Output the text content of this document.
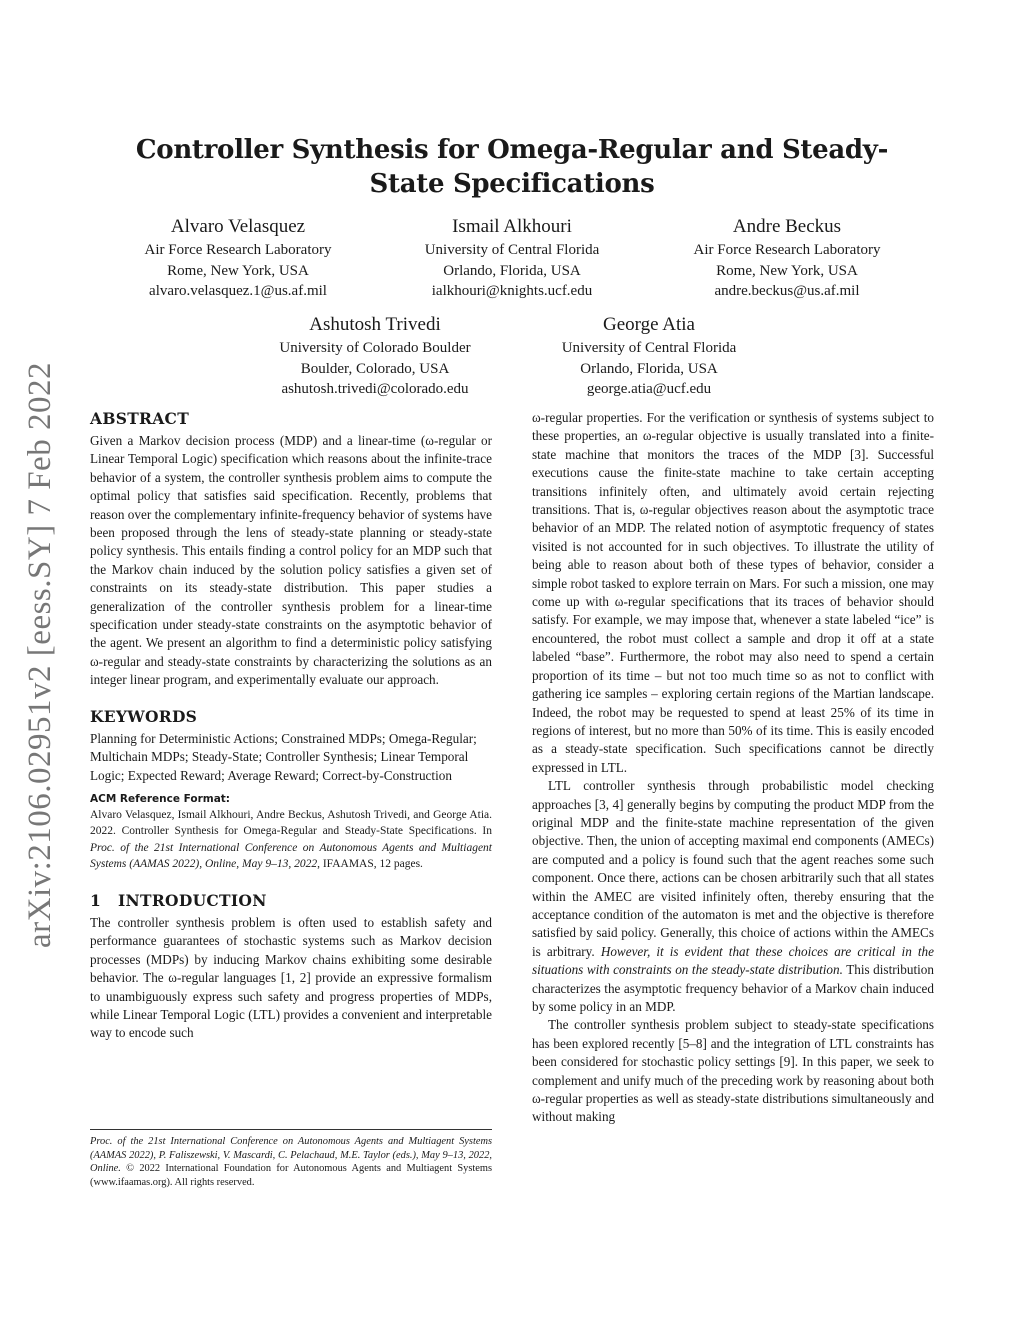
arXiv:2106.02951v2 [eess.SY] 7 Feb 2022
Controller Synthesis for Omega-Regular and Steady-State Specifications
Alvaro Velasquez
Air Force Research Laboratory
Rome, New York, USA
alvaro.velasquez.1@us.af.mil
Ismail Alkhouri
University of Central Florida
Orlando, Florida, USA
ialkhouri@knights.ucf.edu
Andre Beckus
Air Force Research Laboratory
Rome, New York, USA
andre.beckus@us.af.mil
Ashutosh Trivedi
University of Colorado Boulder
Boulder, Colorado, USA
ashutosh.trivedi@colorado.edu
George Atia
University of Central Florida
Orlando, Florida, USA
george.atia@ucf.edu
ABSTRACT

Given a Markov decision process (MDP) and a linear-time (ω-regular or Linear Temporal Logic) specification which reasons about the infinite-trace behavior of a system, the controller synthesis problem aims to compute the optimal policy that satisfies said specification. Recently, problems that reason over the complementary infinite-frequency behavior of systems have been proposed through the lens of steady-state planning or steady-state policy synthesis. This entails finding a control policy for an MDP such that the Markov chain induced by the solution policy satisfies a given set of constraints on its steady-state distribution. This paper studies a generalization of the controller synthesis problem for a linear-time specification under steady-state constraints on the asymptotic behavior of the agent. We present an algorithm to find a deterministic policy satisfying ω-regular and steady-state constraints by characterizing the solutions as an integer linear program, and experimentally evaluate our approach.

KEYWORDS

Planning for Deterministic Actions; Constrained MDPs; Omega-Regular; Multichain MDPs; Steady-State; Controller Synthesis; Linear Temporal Logic; Expected Reward; Average Reward; Correct-by-Construction

ACM Reference Format:

Alvaro Velasquez, Ismail Alkhouri, Andre Beckus, Ashutosh Trivedi, and George Atia. 2022. Controller Synthesis for Omega-Regular and Steady-State Specifications. In Proc. of the 21st International Conference on Autonomous Agents and Multiagent Systems (AAMAS 2022), Online, May 9–13, 2022, IFAAMAS, 12 pages.

1 INTRODUCTION

The controller synthesis problem is often used to establish safety and performance guarantees of stochastic systems such as Markov decision processes (MDPs) by inducing Markov chains exhibiting some desirable behavior. The ω-regular languages [1, 2] provide an expressive formalism to unambiguously express such safety and progress properties of MDPs, while Linear Temporal Logic (LTL) provides a convenient and interpretable way to encode such

Proc. of the 21st International Conference on Autonomous Agents and Multiagent Systems (AAMAS 2022), P. Faliszewski, V. Mascardi, C. Pelachaud, M.E. Taylor (eds.), May 9–13, 2022, Online. © 2022 International Foundation for Autonomous Agents and Multiagent Systems (www.ifaamas.org). All rights reserved.

ω-regular properties. For the verification or synthesis of systems subject to these properties, an ω-regular objective is usually translated into a finite-state machine that monitors the traces of the MDP [3]. Successful executions cause the finite-state machine to take certain accepting transitions infinitely often, and ultimately avoid certain rejecting transitions. That is, ω-regular objectives reason about the asymptotic trace behavior of an MDP. The related notion of asymptotic frequency of states visited is not accounted for in such objectives. To illustrate the utility of being able to reason about both of these types of behavior, consider a simple robot tasked to explore terrain on Mars. For such a mission, one may come up with ω-regular specifications that its traces of behavior should satisfy. For example, we may impose that, whenever a state labeled “ice” is encountered, the robot must collect a sample and drop it off at a state labeled “base”. Furthermore, the robot may also need to spend a certain proportion of its time – but not too much time so as not to conflict with gathering ice samples – exploring certain regions of the Martian landscape. Indeed, the robot may be requested to spend at least 25% of its time in regions of interest, but no more than 50% of its time. This is easily encoded as a steady-state specification. Such specifications cannot be directly expressed in LTL.

LTL controller synthesis through probabilistic model checking approaches [3, 4] generally begins by computing the product MDP from the original MDP and the finite-state machine representation of the given objective. Then, the union of accepting maximal end components (AMECs) are computed and a policy is found such that the agent reaches some such component. Once there, actions can be chosen arbitrarily such that all states within the AMEC are visited infinitely often, thereby ensuring that the acceptance condition of the automaton is met and the objective is therefore satisfied by said policy. Generally, this choice of actions within the AMECs is arbitrary. However, it is evident that these choices are critical in the situations with constraints on the steady-state distribution. This distribution characterizes the asymptotic frequency behavior of a Markov chain induced by some policy in an MDP.

The controller synthesis problem subject to steady-state specifications has been explored recently [5–8] and the integration of LTL constraints has been considered for stochastic policy settings [9]. In this paper, we seek to complement and unify much of the preceding work by reasoning about both ω-regular properties as well as steady-state distributions simultaneously and without making
